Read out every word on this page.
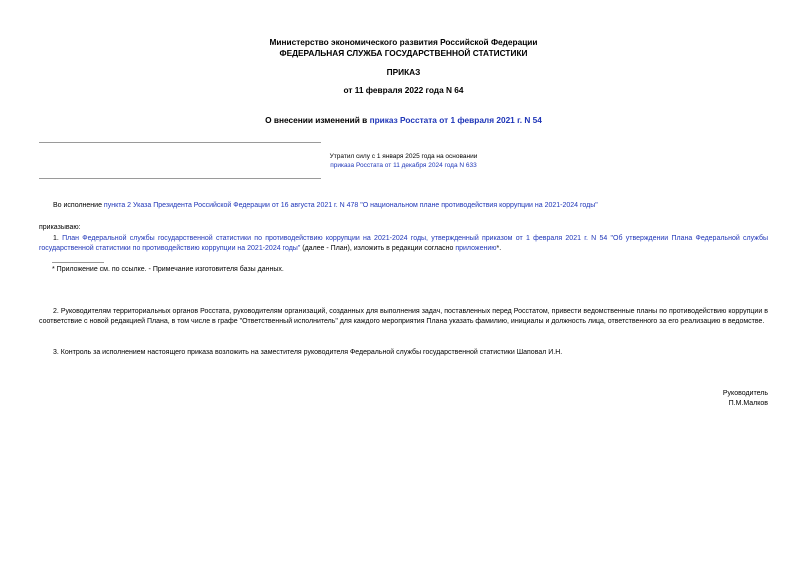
Министерство экономического развития Российской Федерации
ФЕДЕРАЛЬНАЯ СЛУЖБА ГОСУДАРСТВЕННОЙ СТАТИСТИКИ
ПРИКАЗ
от 11 февраля 2022 года N 64
О внесении изменений в приказ Росстата от 1 февраля 2021 г. N 54
Утратил силу с 1 января 2025 года на основании
приказа Росстата от 11 декабря 2024 года N 633
Во исполнение пункта 2 Указа Президента Российской Федерации от 16 августа 2021 г. N 478 "О национальном плане противодействия коррупции на 2021-2024 годы"
приказываю:
1. План Федеральной службы государственной статистики по противодействию коррупции на 2021-2024 годы, утвержденный приказом от 1 февраля 2021 г. N 54 "Об утверждении Плана Федеральной службы государственной статистики по противодействию коррупции на 2021-2024 годы" (далее - План), изложить в редакции согласно приложению*.
* Приложение см. по ссылке. - Примечание изготовителя базы данных.
2. Руководителям территориальных органов Росстата, руководителям организаций, созданных для выполнения задач, поставленных перед Росстатом, привести ведомственные планы по противодействию коррупции в соответствие с новой редакцией Плана, в том числе в графе "Ответственный исполнитель" для каждого мероприятия Плана указать фамилию, инициалы и должность лица, ответственного за его реализацию в ведомстве.
3. Контроль за исполнением настоящего приказа возложить на заместителя руководителя Федеральной службы государственной статистики Шаповал И.Н.
Руководитель
П.М.Малков
